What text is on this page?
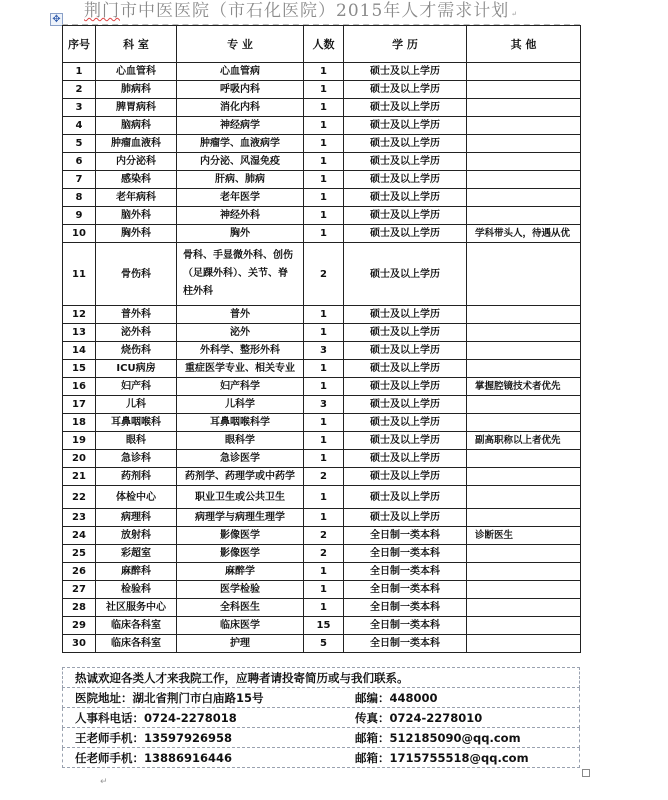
✥ 荆门市中医医院（市石化医院）2015年人才需求计划 ↵
序号	科 室	专 业	人数	学 历	其 他
1	心血管科	心血管病	1	硕士及以上学历	
2	肺病科	呼吸内科	1	硕士及以上学历	
3	脾胃病科	消化内科	1	硕士及以上学历	
4	脑病科	神经病学	1	硕士及以上学历	
5	肿瘤血液科	肿瘤学、血液病学	1	硕士及以上学历	
6	内分泌科	内分泌、风湿免疫	1	硕士及以上学历	
7	感染科	肝病、肺病	1	硕士及以上学历	
8	老年病科	老年医学	1	硕士及以上学历	
9	脑外科	神经外科	1	硕士及以上学历	
10	胸外科	胸外	1	硕士及以上学历	学科带头人，待遇从优
11	骨伤科	骨科、手显微外科、创伤（足踝外科）、关节、脊柱外科	2	硕士及以上学历	
12	普外科	普外	1	硕士及以上学历	
13	泌外科	泌外	1	硕士及以上学历	
14	烧伤科	外科学、整形外科	3	硕士及以上学历	
15	ICU病房	重症医学专业、相关专业	1	硕士及以上学历	
16	妇产科	妇产科学	1	硕士及以上学历	掌握腔镜技术者优先
17	儿科	儿科学	3	硕士及以上学历	
18	耳鼻咽喉科	耳鼻咽喉科学	1	硕士及以上学历	
19	眼科	眼科学	1	硕士及以上学历	副高职称以上者优先
20	急诊科	急诊医学	1	硕士及以上学历	
21	药剂科	药剂学、药理学或中药学	2	硕士及以上学历	
22	体检中心	职业卫生或公共卫生	1	硕士及以上学历	
23	病理科	病理学与病理生理学	1	硕士及以上学历	
24	放射科	影像医学	2	全日制一类本科	诊断医生
25	彩超室	影像医学	2	全日制一类本科	
26	麻醉科	麻醉学	1	全日制一类本科	
27	检验科	医学检验	1	全日制一类本科	
28	社区服务中心	全科医生	1	全日制一类本科	
29	临床各科室	临床医学	15	全日制一类本科	
30	临床各科室	护理	5	全日制一类本科	
热诚欢迎各类人才来我院工作，应聘者请投寄简历或与我们联系。
医院地址：湖北省荆门市白庙路15号	邮编：448000
人事科电话：0724-2278018	传真：0724-2278010
王老师手机：13597926958	邮箱：512185090@qq.com
任老师手机：13886916446	邮箱：1715755518@qq.com
↵
